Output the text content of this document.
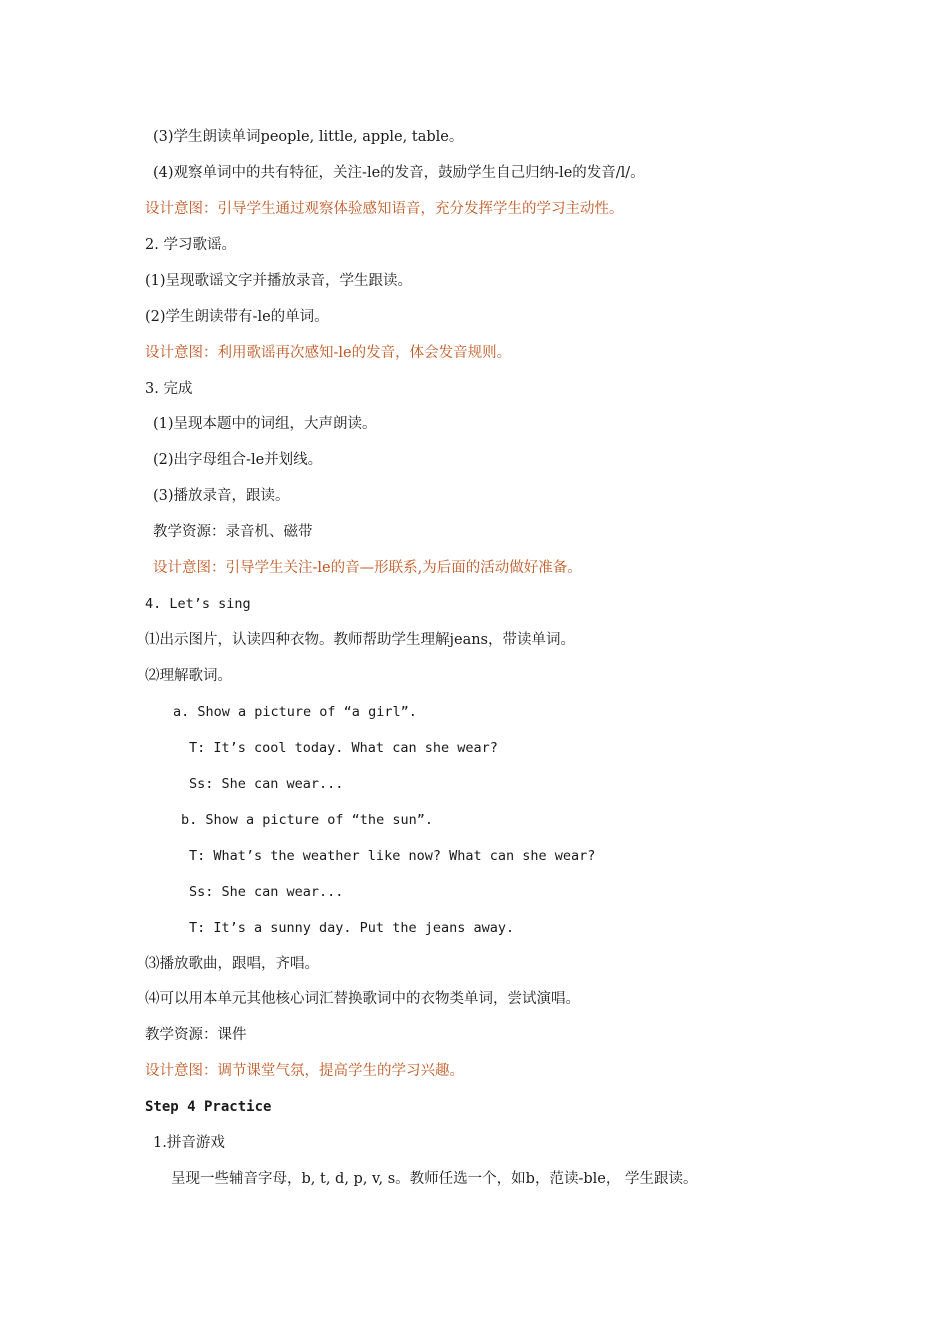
(3)学生朗读单词people, little, apple, table。
(4)观察单词中的共有特征，关注-le的发音，鼓励学生自己归纳-le的发音/l/。
设计意图：引导学生通过观察体验感知语音，充分发挥学生的学习主动性。
2. 学习歌谣。
(1)呈现歌谣文字并播放录音，学生跟读。
(2)学生朗读带有-le的单词。
设计意图：利用歌谣再次感知-le的发音，体会发音规则。
3. 完成
(1)呈现本题中的词组，大声朗读。
(2)出字母组合-le并划线。
(3)播放录音，跟读。
教学资源：录音机、磁带
设计意图：引导学生关注-le的音—形联系,为后面的活动做好准备。
4. Let’s sing
⑴出示图片，认读四种衣物。教师帮助学生理解jeans，带读单词。
⑵理解歌词。
a. Show a picture of “a girl”.
T: It’s cool today. What can she wear?
Ss: She can wear...
b. Show a picture of “the sun”.
T: What’s the weather like now? What can she wear?
Ss: She can wear...
T: It’s a sunny day. Put the jeans away.
⑶播放歌曲，跟唱，齐唱。
⑷可以用本单元其他核心词汇替换歌词中的衣物类单词，尝试演唱。
教学资源：课件
设计意图：调节课堂气氛，提高学生的学习兴趣。
Step 4 Practice
1.拼音游戏
呈现一些辅音字母，b, t, d, p, v, s。教师任选一个，如b，范读-ble， 学生跟读。
